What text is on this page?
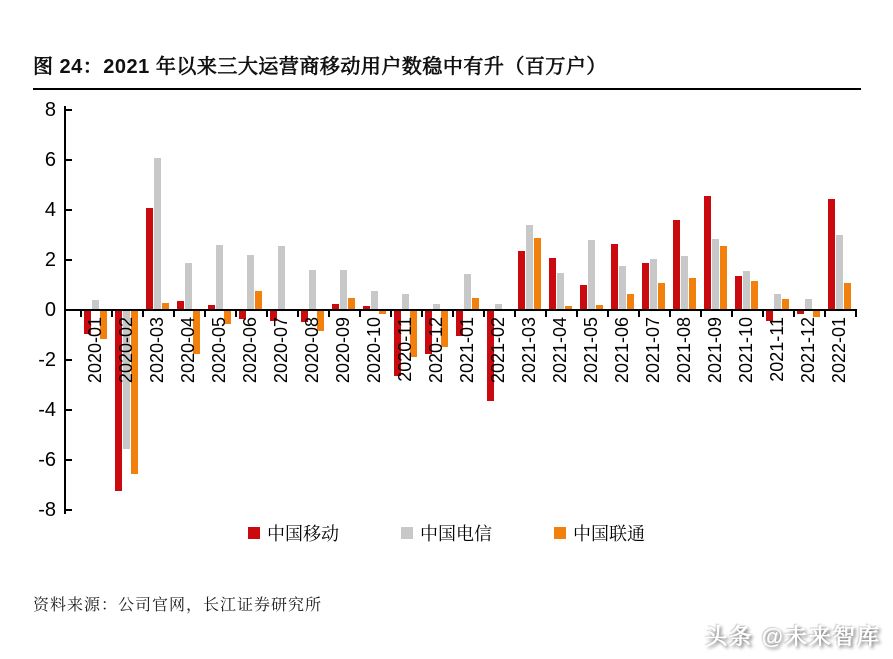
图 24：2021 年以来三大运营商移动用户数稳中有升（百万户）
2020-01 2020-02 2020-03 2020-04 2020-05 2020-06 2020-07 2020-08 2020-09 2020-10 2020-11 2020-12 2021-01 2021-02 2021-03 2021-04 2021-05 2021-06 2021-07 2021-08 2021-09 2021-10 2021-11 2021-12 2022-01
8
6
4
2
0
-2
-4
-6
-8
中国移动	中国电信	中国联通
资料来源：公司官网，长江证券研究所
头条 @未来智库
